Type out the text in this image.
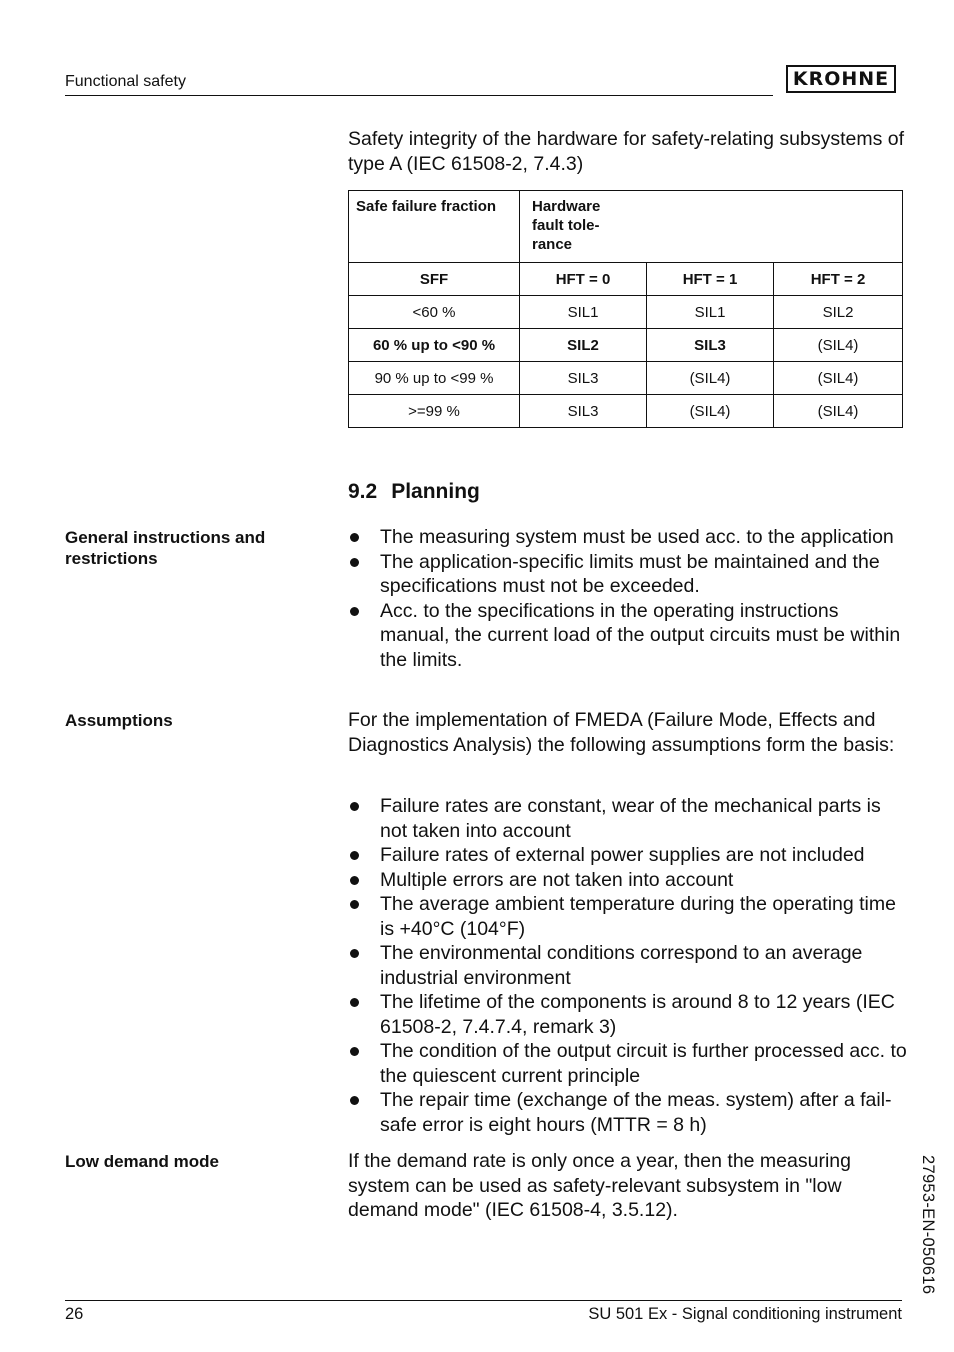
Functional safety	KROHNE
Safety integrity of the hardware for safety-relating subsystems of type A (IEC 61508-2, 7.4.3)
Safe failure fraction	Hardware
fault tole-
rance		

SFF	HFT = 0	HFT = 1	HFT = 2
<60 %	SIL1	SIL1	SIL2
60 % up to <90 %	SIL2	SIL3	(SIL4)
90 % up to <99 %	SIL3	(SIL4)	(SIL4)
>=99 %	SIL3	(SIL4)	(SIL4)
9.2 Planning
General instructions and
restrictions
The measuring system must be used acc. to the application
The application-specific limits must be maintained and the specifications must not be exceeded.
Acc. to the specifications in the operating instructions manual, the current load of the output circuits must be within the limits.
Assumptions	For the implementation of FMEDA (Failure Mode, Effects and Diagnostics Analysis) the following assumptions form the basis:
Failure rates are constant, wear of the mechanical parts is not taken into account
Failure rates of external power supplies are not included
Multiple errors are not taken into account
The average ambient temperature during the operating time is +40°C (104°F)
The environmental conditions correspond to an average industrial environment
The lifetime of the components is around 8 to 12 years (IEC 61508-2, 7.4.7.4, remark 3)
The condition of the output circuit is further processed acc. to the quiescent current principle
The repair time (exchange of the meas. system) after a fail-safe error is eight hours (MTTR = 8 h)
Low demand mode	If the demand rate is only once a year, then the measuring system can be used as safety-relevant subsystem in "low demand mode" (IEC 61508-4, 3.5.12).	27953-EN-050616
26	SU 501 Ex - Signal conditioning instrument
